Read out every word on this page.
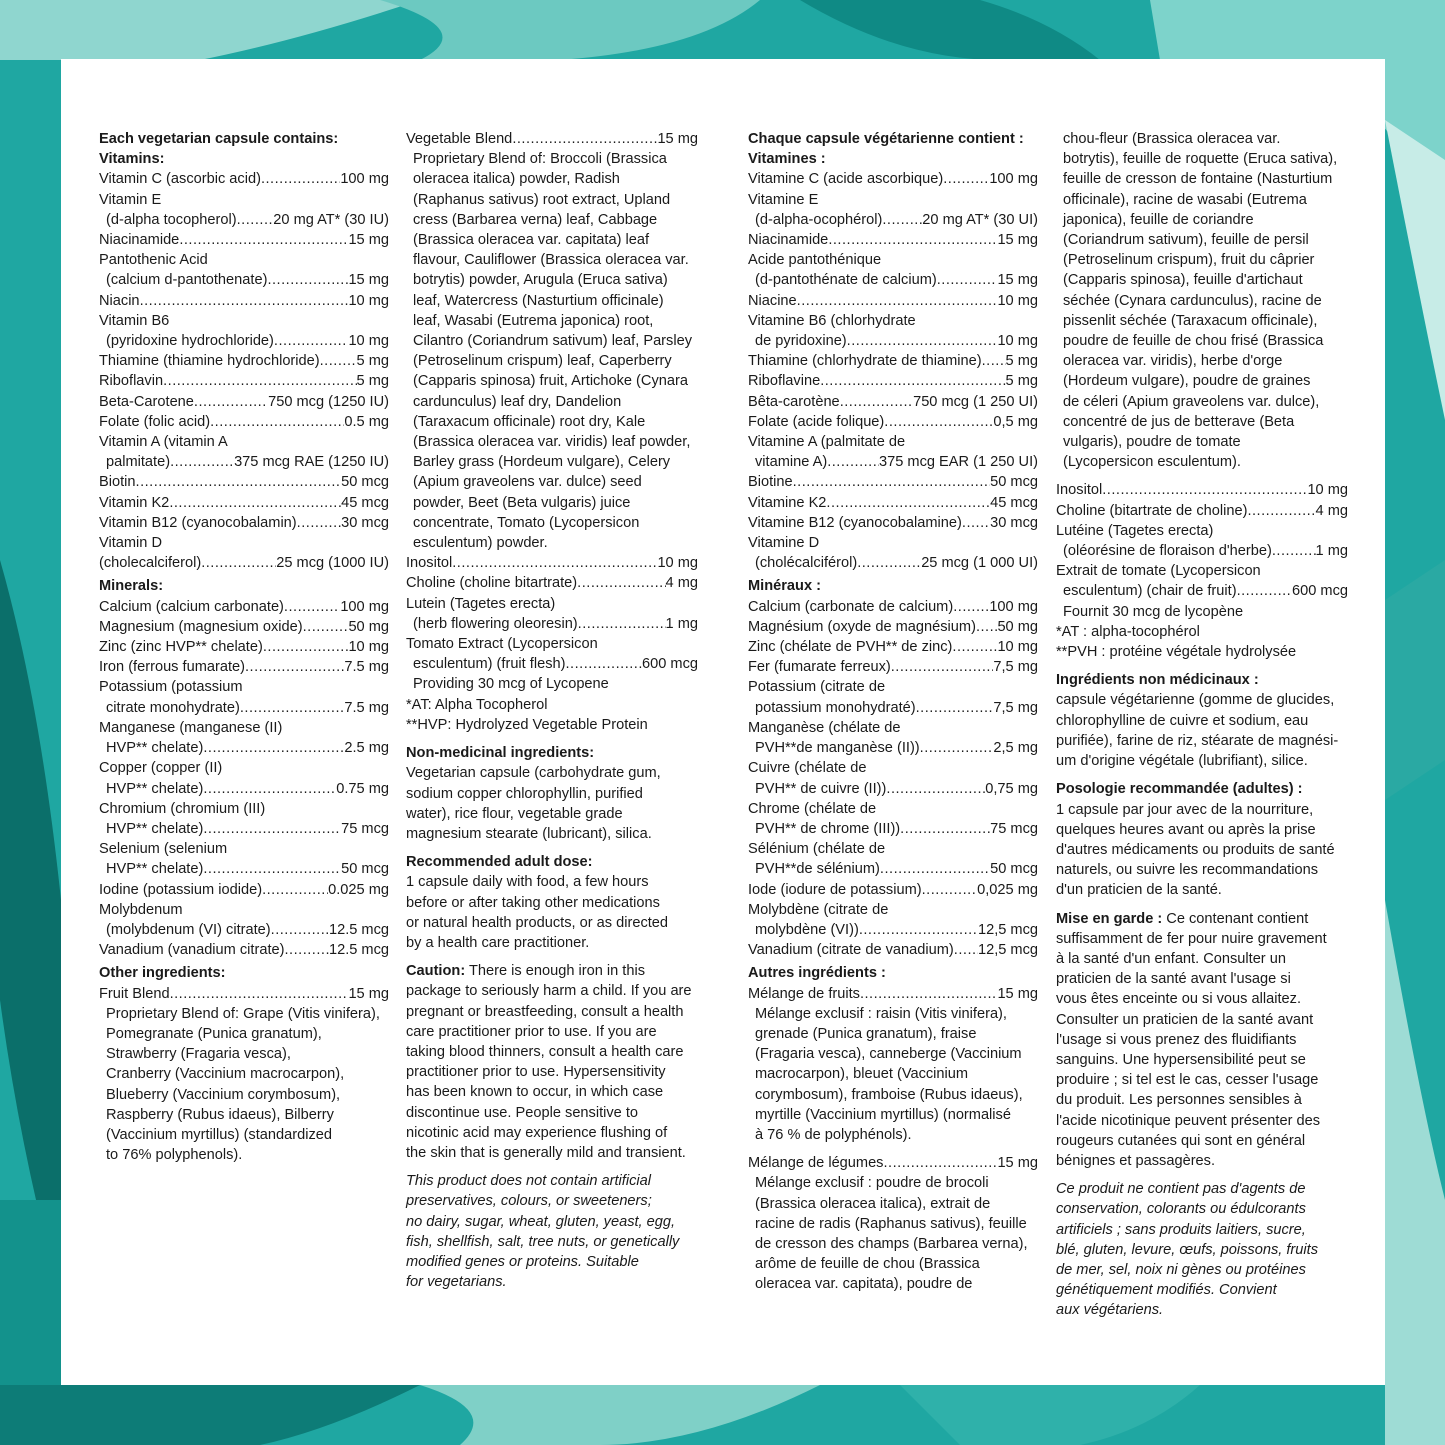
Each vegetarian capsule contains:
Vitamins:
Vitamin C (ascorbic acid) .....	100 mg
Vitamin E
(d-alpha tocopherol) .....	20 mg AT* (30 IU)
Niacinamide .....	15 mg
Pantothenic Acid
(calcium d-pantothenate) .....	15 mg
Niacin .....	10 mg
Vitamin B6
(pyridoxine hydrochloride) .....	10 mg
Thiamine (thiamine hydrochloride) .....	5 mg
Riboflavin .....	5 mg
Beta-Carotene .....	750 mcg (1250 IU)
Folate (folic acid) .....	0.5 mg
Vitamin A (vitamin A
palmitate) .....	375 mcg RAE (1250 IU)
Biotin .....	50 mcg
Vitamin K2 .....	45 mcg
Vitamin B12 (cyanocobalamin) .....	30 mcg
Vitamin D
(cholecalciferol) .....	25 mcg (1000 IU)
Minerals:
Calcium (calcium carbonate) .....	100 mg
Magnesium (magnesium oxide) .....	50 mg
Zinc (zinc HVP** chelate) .....	10 mg
Iron (ferrous fumarate) .....	7.5 mg
Potassium (potassium
citrate monohydrate) .....	7.5 mg
Manganese (manganese (II)
HVP** chelate) .....	2.5 mg
Copper (copper (II)
HVP** chelate) .....	0.75 mg
Chromium (chromium (III)
HVP** chelate) .....	75 mcg
Selenium (selenium
HVP** chelate) .....	50 mcg
Iodine (potassium iodide) .....	0.025 mg
Molybdenum
(molybdenum (VI) citrate) .....	12.5 mcg
Vanadium (vanadium citrate) .....	12.5 mcg
Other ingredients:
Fruit Blend .....	15 mg
Proprietary Blend of: Grape (Vitis vinifera),
Pomegranate (Punica granatum),
Strawberry (Fragaria vesca),
Cranberry (Vaccinium macrocarpon),
Blueberry (Vaccinium corymbosum),
Raspberry (Rubus idaeus), Bilberry
(Vaccinium myrtillus) (standardized
to 76% polyphenols).
Vegetable Blend .....	15 mg
Proprietary Blend of: Broccoli (Brassica
oleracea italica) powder, Radish
(Raphanus sativus) root extract, Upland
cress (Barbarea verna) leaf, Cabbage
(Brassica oleracea var. capitata) leaf
flavour, Cauliflower (Brassica oleracea var.
botrytis) powder, Arugula (Eruca sativa)
leaf, Watercress (Nasturtium officinale)
leaf, Wasabi (Eutrema japonica) root,
Cilantro (Coriandrum sativum) leaf, Parsley
(Petroselinum crispum) leaf, Caperberry
(Capparis spinosa) fruit, Artichoke (Cynara
cardunculus) leaf dry, Dandelion
(Taraxacum officinale) root dry, Kale
(Brassica oleracea var. viridis) leaf powder,
Barley grass (Hordeum vulgare), Celery
(Apium graveolens var. dulce) seed
powder, Beet (Beta vulgaris) juice
concentrate, Tomato (Lycopersicon
esculentum) powder.
Inositol .....	10 mg
Choline (choline bitartrate) .....	4 mg
Lutein (Tagetes erecta)
(herb flowering oleoresin) .....	1 mg
Tomato Extract (Lycopersicon
esculentum) (fruit flesh) .....	600 mcg
Providing 30 mcg of Lycopene
*AT: Alpha Tocopherol
**HVP: Hydrolyzed Vegetable Protein
Non-medicinal ingredients:
Vegetarian capsule (carbohydrate gum,
sodium copper chlorophyllin, purified
water), rice flour, vegetable grade
magnesium stearate (lubricant), silica.
Recommended adult dose:
1 capsule daily with food, a few hours
before or after taking other medications
or natural health products, or as directed
by a health care practitioner.
Caution: There is enough iron in this
package to seriously harm a child. If you are
pregnant or breastfeeding, consult a health
care practitioner prior to use. If you are
taking blood thinners, consult a health care
practitioner prior to use. Hypersensitivity
has been known to occur, in which case
discontinue use. People sensitive to
nicotinic acid may experience flushing of
the skin that is generally mild and transient.
This product does not contain artificial
preservatives, colours, or sweeteners;
no dairy, sugar, wheat, gluten, yeast, egg,
fish, shellfish, salt, tree nuts, or genetically
modified genes or proteins. Suitable
for vegetarians.
Chaque capsule végétarienne contient :
Vitamines :
Vitamine C (acide ascorbique) .....	100 mg
Vitamine E
(d-alpha-ocophérol) .....	20 mg AT* (30 UI)
Niacinamide .....	15 mg
Acide pantothénique
(d-pantothénate de calcium) .....	15 mg
Niacine .....	10 mg
Vitamine B6 (chlorhydrate
de pyridoxine) .....	10 mg
Thiamine (chlorhydrate de thiamine) ..... 5 mg
Riboflavine .....	5 mg
Bêta-carotène .....	750 mcg (1 250 UI)
Folate (acide folique) .....	0,5 mg
Vitamine A (palmitate de
vitamine A) .....	375 mcg EAR (1 250 UI)
Biotine .....	50 mcg
Vitamine K2 .....	45 mcg
Vitamine B12 (cyanocobalamine) ..... 30 mcg
Vitamine D
(cholécalciférol) .....	25 mcg (1 000 UI)
Minéraux :
Calcium (carbonate de calcium) ..... 100 mg
Magnésium (oxyde de magnésium) ..... 50 mg
Zinc (chélate de PVH** de zinc) .....	10 mg
Fer (fumarate ferreux) .....	7,5 mg
Potassium (citrate de
potassium monohydraté) .....	7,5 mg
Manganèse (chélate de
PVH**de manganèse (II)) .....	2,5 mg
Cuivre (chélate de
PVH** de cuivre (II)) .....	0,75 mg
Chrome (chélate de
PVH** de chrome (III)) .....	75 mcg
Sélénium (chélate de
PVH**de sélénium) .....	50 mcg
Iode (iodure de potassium) .....	0,025 mg
Molybdène (citrate de
molybdène (VI)) .....	12,5 mcg
Vanadium (citrate de vanadium) ..... 12,5 mcg
Autres ingrédients :
Mélange de fruits .....	15 mg
Mélange exclusif : raisin (Vitis vinifera),
grenade (Punica granatum), fraise
(Fragaria vesca), canneberge (Vaccinium
macrocarpon), bleuet (Vaccinium
corymbosum), framboise (Rubus idaeus),
myrtille (Vaccinium myrtillus) (normalisé
à 76 % de polyphénols).
Mélange de légumes .....	15 mg
Mélange exclusif : poudre de brocoli
(Brassica oleracea italica), extrait de
racine de radis (Raphanus sativus), feuille
de cresson des champs (Barbarea verna),
arôme de feuille de chou (Brassica
oleracea var. capitata), poudre de
chou-fleur (Brassica oleracea var.
botrytis), feuille de roquette (Eruca sativa),
feuille de cresson de fontaine (Nasturtium
officinale), racine de wasabi (Eutrema
japonica), feuille de coriandre
(Coriandrum sativum), feuille de persil
(Petroselinum crispum), fruit du câprier
(Capparis spinosa), feuille d'artichaut
séchée (Cynara cardunculus), racine de
pissenlit séchée (Taraxacum officinale),
poudre de feuille de chou frisé (Brassica
oleracea var. viridis), herbe d'orge
(Hordeum vulgare), poudre de graines
de céleri (Apium graveolens var. dulce),
concentré de jus de betterave (Beta
vulgaris), poudre de tomate
(Lycopersicon esculentum).
Inositol .....	10 mg
Choline (bitartrate de choline) .....	4 mg
Lutéine (Tagetes erecta)
(oléorésine de floraison d'herbe) .....	1 mg
Extrait de tomate (Lycopersicon
esculentum) (chair de fruit) .....	600 mcg
Fournit 30 mcg de lycopène
*AT : alpha-tocophérol
**PVH : protéine végétale hydrolysée
Ingrédients non médicinaux :
capsule végétarienne (gomme de glucides,
chlorophylline de cuivre et sodium, eau
purifiée), farine de riz, stéarate de magnési-
um d'origine végétale (lubrifiant), silice.
Posologie recommandée (adultes) :
1 capsule par jour avec de la nourriture,
quelques heures avant ou après la prise
d'autres médicaments ou produits de santé
naturels, ou suivre les recommandations
d'un praticien de la santé.
Mise en garde : Ce contenant contient
suffisamment de fer pour nuire gravement
à la santé d'un enfant. Consulter un
praticien de la santé avant l'usage si
vous êtes enceinte ou si vous allaitez.
Consulter un praticien de la santé avant
l'usage si vous prenez des fluidifiants
sanguins. Une hypersensibilité peut se
produire ; si tel est le cas, cesser l'usage
du produit. Les personnes sensibles à
l'acide nicotinique peuvent présenter des
rougeurs cutanées qui sont en général
bénignes et passagères.
Ce produit ne contient pas d'agents de
conservation, colorants ou édulcorants
artificiels ; sans produits laitiers, sucre,
blé, gluten, levure, œufs, poissons, fruits
de mer, sel, noix ni gènes ou protéines
génétiquement modifiés. Convient
aux végétariens.
